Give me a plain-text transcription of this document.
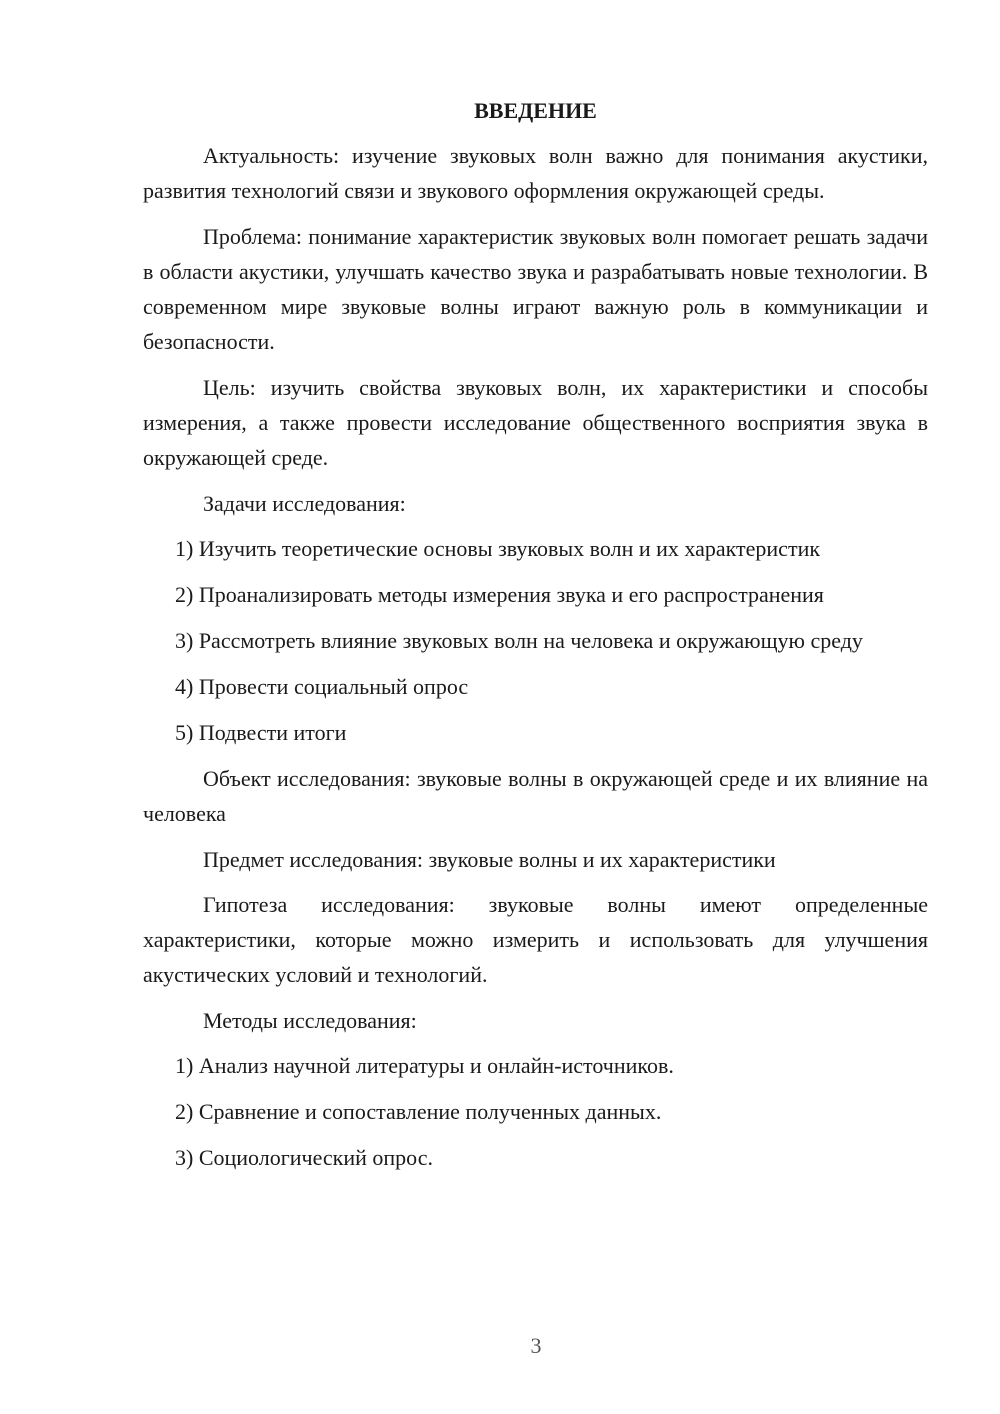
ВВЕДЕНИЕ

Актуальность: изучение звуковых волн важно для понимания акустики, развития технологий связи и звукового оформления окружающей среды.

Проблема: понимание характеристик звуковых волн помогает решать задачи в области акустики, улучшать качество звука и разрабатывать новые технологии. В современном мире звуковые волны играют важную роль в коммуникации и безопасности.

Цель: изучить свойства звуковых волн, их характеристики и способы измерения, а также провести исследование общественного восприятия звука в окружающей среде.

Задачи исследования:

1) Изучить теоретические основы звуковых волн и их характеристик

2) Проанализировать методы измерения звука и его распространения

3) Рассмотреть влияние звуковых волн на человека и окружающую среду

4) Провести социальный опрос

5) Подвести итоги

Объект исследования: звуковые волны в окружающей среде и их влияние на человека

Предмет исследования: звуковые волны и их характеристики

Гипотеза исследования: звуковые волны имеют определенные характеристики, которые можно измерить и использовать для улучшения акустических условий и технологий.

Методы исследования:

1) Анализ научной литературы и онлайн-источников.

2) Сравнение и сопоставление полученных данных.

3) Социологический опрос.

3
